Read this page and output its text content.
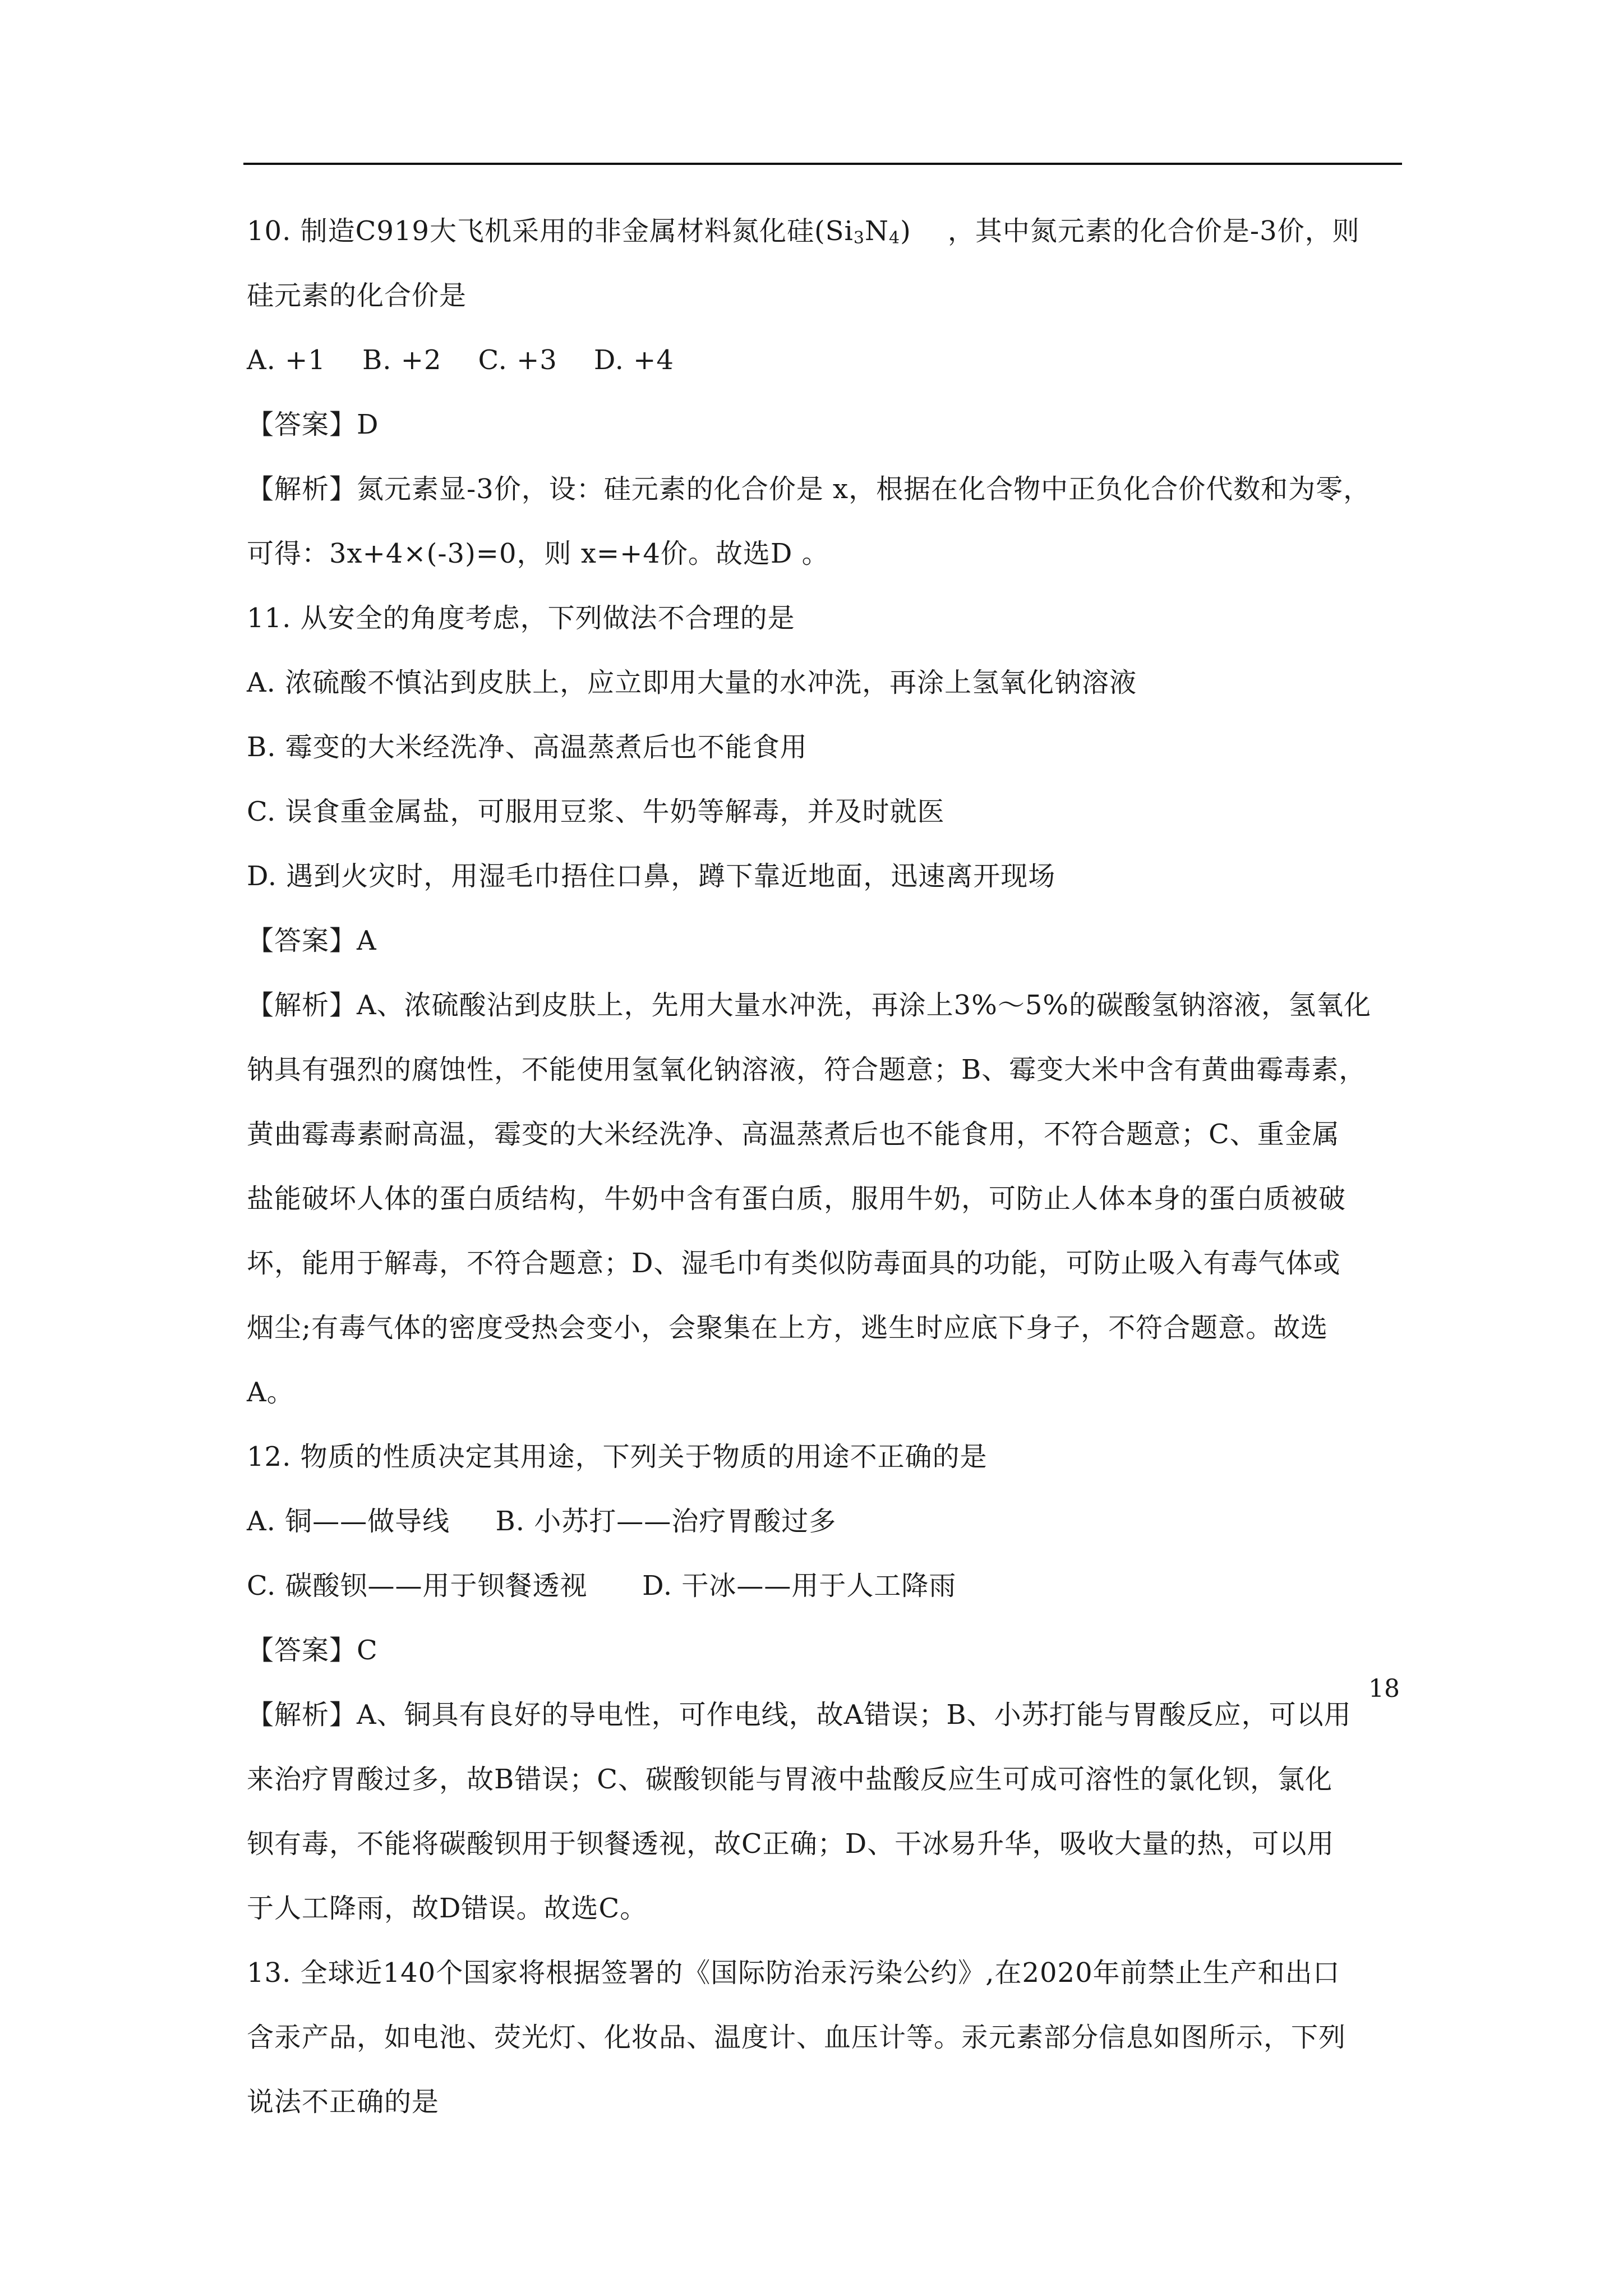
10. 制造C919大飞机采用的非金属材料氮化硅$(Si_3N_4)$    ，其中氮元素的化合价是-3价，则
硅元素的化合价是
A. +1    B. +2    C. +3    D. +4
【答案】D
【解析】氮元素显-3价，设：硅元素的化合价是 x，根据在化合物中正负化合价代数和为零，
可得：3x+4×(-3)=0，则 x=+4价。故选D 。
11. 从安全的角度考虑，下列做法不合理的是
A. 浓硫酸不慎沾到皮肤上，应立即用大量的水冲洗，再涂上氢氧化钠溶液
B. 霉变的大米经洗净、高温蒸煮后也不能食用
C. 误食重金属盐，可服用豆浆、牛奶等解毒，并及时就医
D. 遇到火灾时，用湿毛巾捂住口鼻，蹲下靠近地面，迅速离开现场
【答案】A
【解析】A、浓硫酸沾到皮肤上，先用大量水冲洗，再涂上3%～5%的碳酸氢钠溶液，氢氧化
钠具有强烈的腐蚀性，不能使用氢氧化钠溶液，符合题意；B、霉变大米中含有黄曲霉毒素，
黄曲霉毒素耐高温，霉变的大米经洗净、高温蒸煮后也不能食用，不符合题意；C、重金属
盐能破坏人体的蛋白质结构，牛奶中含有蛋白质，服用牛奶，可防止人体本身的蛋白质被破
坏，能用于解毒，不符合题意；D、湿毛巾有类似防毒面具的功能，可防止吸入有毒气体或
烟尘;有毒气体的密度受热会变小，会聚集在上方，逃生时应底下身子，不符合题意。故选
A。
12. 物质的性质决定其用途，下列关于物质的用途不正确的是
A. 铜——做导线     B. 小苏打——治疗胃酸过多
C. 碳酸钡——用于钡餐透视      D. 干冰——用于人工降雨
【答案】C
【解析】A、铜具有良好的导电性，可作电线，故A错误；B、小苏打能与胃酸反应，可以用
来治疗胃酸过多，故B错误；C、碳酸钡能与胃液中盐酸反应生可成可溶性的氯化钡，氯化
钡有毒，不能将碳酸钡用于钡餐透视，故C正确；D、干冰易升华，吸收大量的热，可以用
于人工降雨，故D错误。故选C。
13. 全球近140个国家将根据签署的《国际防治汞污染公约》,在2020年前禁止生产和出口
含汞产品，如电池、荧光灯、化妆品、温度计、血压计等。汞元素部分信息如图所示，下列
说法不正确的是
18
